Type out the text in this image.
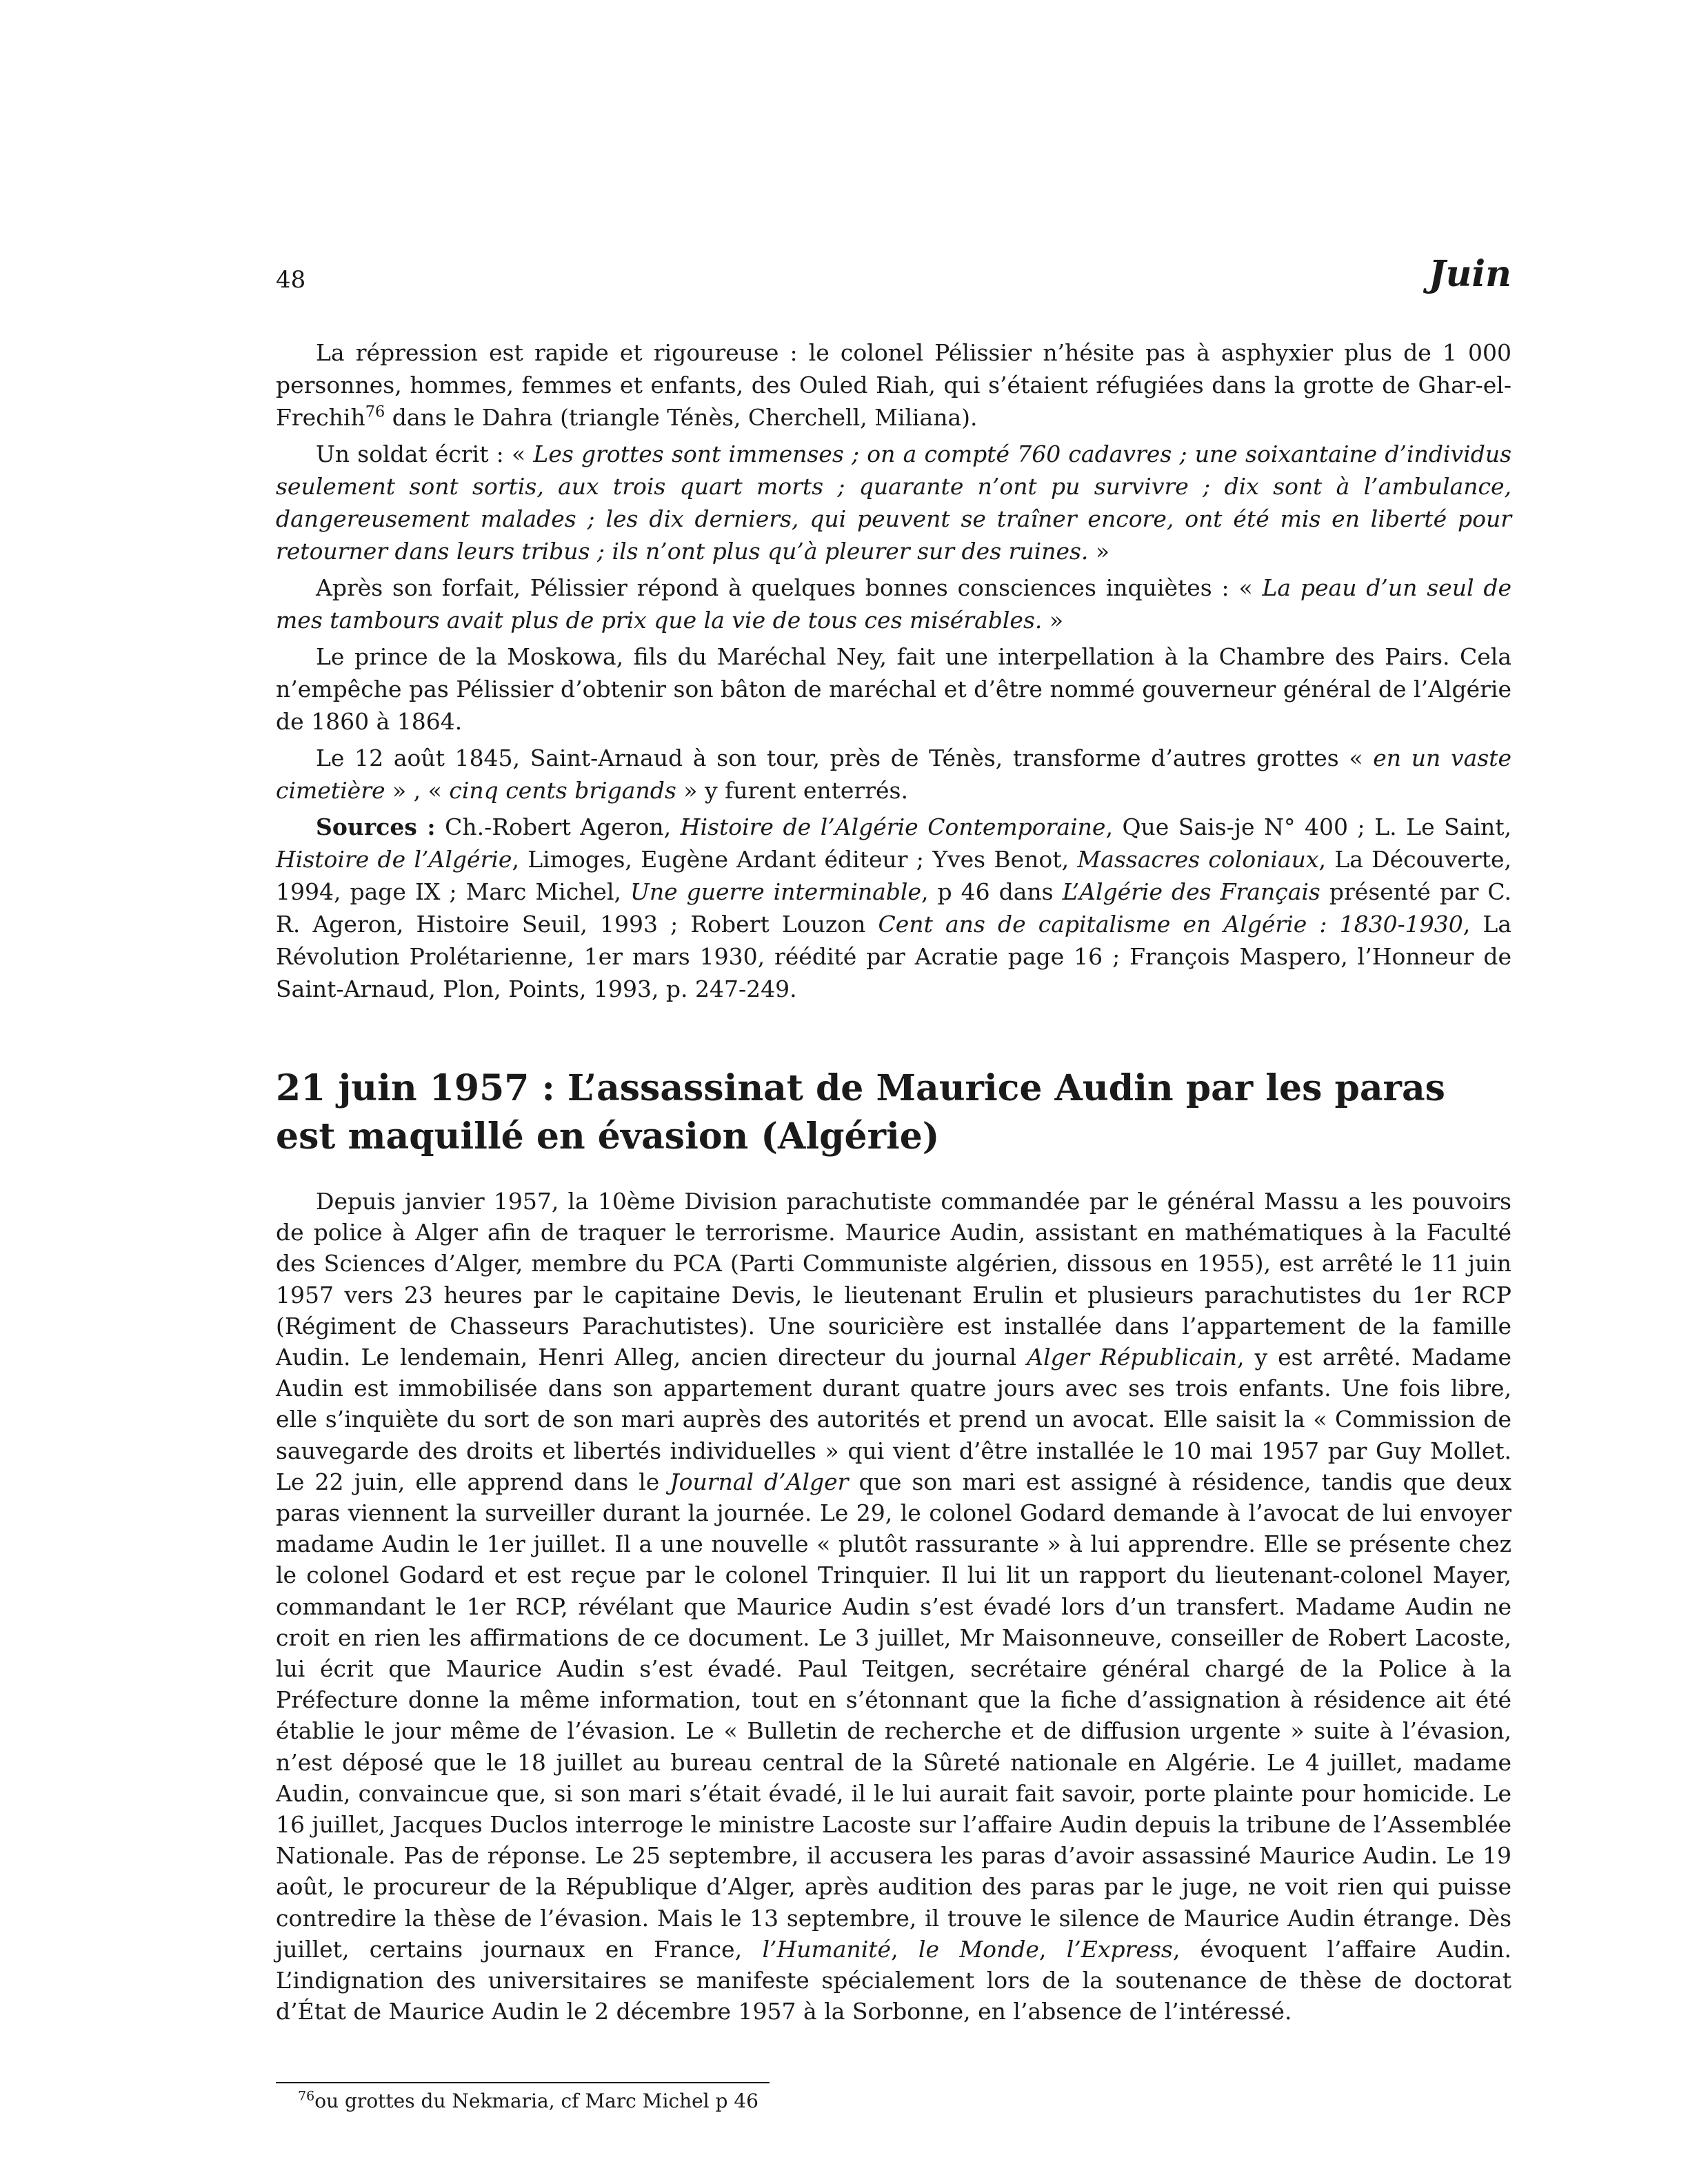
48	Juin

La répression est rapide et rigoureuse : le colonel Pélissier n’hésite pas à asphyxier plus de 1 000 personnes, hommes, femmes et enfants, des Ouled Riah, qui s’étaient réfugiées dans la grotte de Ghar-el-Frechih$^{76}$ dans le Dahra (triangle Ténès, Cherchell, Miliana).

Un soldat écrit : « Les grottes sont immenses ; on a compté 760 cadavres ; une soixantaine d’individus seulement sont sortis, aux trois quart morts ; quarante n’ont pu survivre ; dix sont à l’ambulance, dangereusement malades ; les dix derniers, qui peuvent se traîner encore, ont été mis en liberté pour retourner dans leurs tribus ; ils n’ont plus qu’à pleurer sur des ruines. »

Après son forfait, Pélissier répond à quelques bonnes consciences inquiètes : « La peau d’un seul de mes tambours avait plus de prix que la vie de tous ces misérables. »

Le prince de la Moskowa, fils du Maréchal Ney, fait une interpellation à la Chambre des Pairs. Cela n’empêche pas Pélissier d’obtenir son bâton de maréchal et d’être nommé gouverneur général de l’Algérie de 1860 à 1864.

Le 12 août 1845, Saint-Arnaud à son tour, près de Ténès, transforme d’autres grottes « en un vaste cimetière » , « cinq cents brigands » y furent enterrés.

Sources : Ch.-Robert Ageron, Histoire de l’Algérie Contemporaine, Que Sais-je N° 400 ; L. Le Saint, Histoire de l’Algérie, Limoges, Eugène Ardant éditeur ; Yves Benot, Massacres coloniaux, La Découverte, 1994, page IX ; Marc Michel, Une guerre interminable, p 46 dans L’Algérie des Français présenté par C. R. Ageron, Histoire Seuil, 1993 ; Robert Louzon Cent ans de capitalisme en Algérie : 1830-1930, La Révolution Prolétarienne, 1er mars 1930, réédité par Acratie page 16 ; François Maspero, l’Honneur de Saint-Arnaud, Plon, Points, 1993, p. 247-249.

21 juin 1957 : L’assassinat de Maurice Audin par les paras est maquillé en évasion (Algérie)

Depuis janvier 1957, la 10ème Division parachutiste commandée par le général Massu a les pouvoirs de police à Alger afin de traquer le terrorisme. Maurice Audin, assistant en mathématiques à la Faculté des Sciences d’Alger, membre du PCA (Parti Communiste algérien, dissous en 1955), est arrêté le 11 juin 1957 vers 23 heures par le capitaine Devis, le lieutenant Erulin et plusieurs parachutistes du 1er RCP (Régiment de Chasseurs Parachutistes). Une souricière est installée dans l’appartement de la famille Audin. Le lendemain, Henri Alleg, ancien directeur du journal Alger Républicain, y est arrêté. Madame Audin est immobilisée dans son appartement durant quatre jours avec ses trois enfants. Une fois libre, elle s’inquiète du sort de son mari auprès des autorités et prend un avocat. Elle saisit la « Commission de sauvegarde des droits et libertés individuelles » qui vient d’être installée le 10 mai 1957 par Guy Mollet. Le 22 juin, elle apprend dans le Journal d’Alger que son mari est assigné à résidence, tandis que deux paras viennent la surveiller durant la journée. Le 29, le colonel Godard demande à l’avocat de lui envoyer madame Audin le 1er juillet. Il a une nouvelle « plutôt rassurante » à lui apprendre. Elle se présente chez le colonel Godard et est reçue par le colonel Trinquier. Il lui lit un rapport du lieutenant-colonel Mayer, commandant le 1er RCP, révélant que Maurice Audin s’est évadé lors d’un transfert. Madame Audin ne croit en rien les affirmations de ce document. Le 3 juillet, Mr Maisonneuve, conseiller de Robert Lacoste, lui écrit que Maurice Audin s’est évadé. Paul Teitgen, secrétaire général chargé de la Police à la Préfecture donne la même information, tout en s’étonnant que la fiche d’assignation à résidence ait été établie le jour même de l’évasion. Le « Bulletin de recherche et de diffusion urgente » suite à l’évasion, n’est déposé que le 18 juillet au bureau central de la Sûreté nationale en Algérie. Le 4 juillet, madame Audin, convaincue que, si son mari s’était évadé, il le lui aurait fait savoir, porte plainte pour homicide. Le 16 juillet, Jacques Duclos interroge le ministre Lacoste sur l’affaire Audin depuis la tribune de l’Assemblée Nationale. Pas de réponse. Le 25 septembre, il accusera les paras d’avoir assassiné Maurice Audin. Le 19 août, le procureur de la République d’Alger, après audition des paras par le juge, ne voit rien qui puisse contredire la thèse de l’évasion. Mais le 13 septembre, il trouve le silence de Maurice Audin étrange. Dès juillet, certains journaux en France, l’Humanité, le Monde, l’Express, évoquent l’affaire Audin. L’indignation des universitaires se manifeste spécialement lors de la soutenance de thèse de doctorat d’État de Maurice Audin le 2 décembre 1957 à la Sorbonne, en l’absence de l’intéressé.

$^{76}$ou grottes du Nekmaria, cf Marc Michel p 46
